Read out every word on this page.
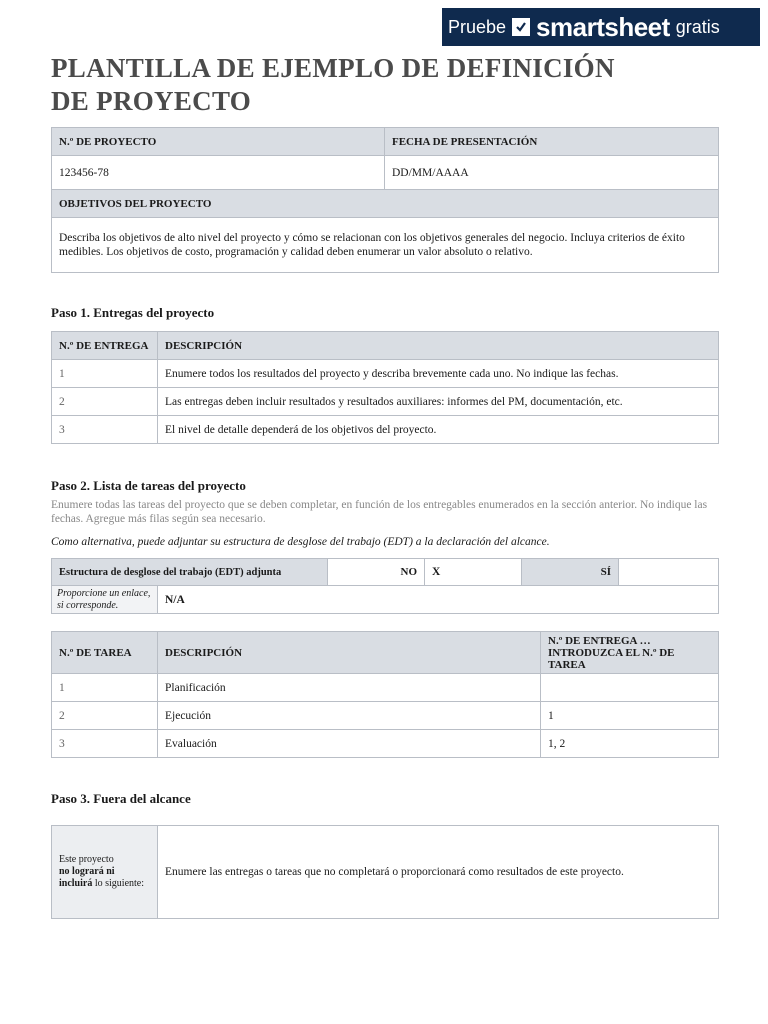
Pruebe smartsheet gratis
PLANTILLA DE EJEMPLO DE DEFINICIÓN
DE PROYECTO
N.º DE PROYECTO	FECHA DE PRESENTACIÓN
123456-78	DD/MM/AAAA
OBJETIVOS DEL PROYECTO	
Describa los objetivos de alto nivel del proyecto y cómo se relacionan con los objetivos generales del negocio. Incluya criterios de éxito medibles. Los objetivos de costo, programación y calidad deben enumerar un valor absoluto o relativo.	
Paso 1. Entregas del proyecto
N.º DE ENTREGA	DESCRIPCIÓN
1	Enumere todos los resultados del proyecto y describa brevemente cada uno. No indique las fechas.
2	Las entregas deben incluir resultados y resultados auxiliares: informes del PM, documentación, etc.
3	El nivel de detalle dependerá de los objetivos del proyecto.
Paso 2. Lista de tareas del proyecto
Enumere todas las tareas del proyecto que se deben completar, en función de los entregables enumerados en la sección anterior. No indique las fechas. Agregue más filas según sea necesario.
Como alternativa, puede adjuntar su estructura de desglose del trabajo (EDT) a la declaración del alcance.
Estructura de desglose del trabajo (EDT) adjunta		NO	X	SÍ	
Proporcione un enlace, si corresponde.	N/A				
N.º DE TAREA	DESCRIPCIÓN	N.º DE ENTREGA … INTRODUZCA EL N.º DE TAREA
1	Planificación	
2	Ejecución	1
3	Evaluación	1, 2
Paso 3. Fuera del alcance
Este proyecto
no logrará ni incluirá lo siguiente:	Enumere las entregas o tareas que no completará o proporcionará como resultados de este proyecto.
